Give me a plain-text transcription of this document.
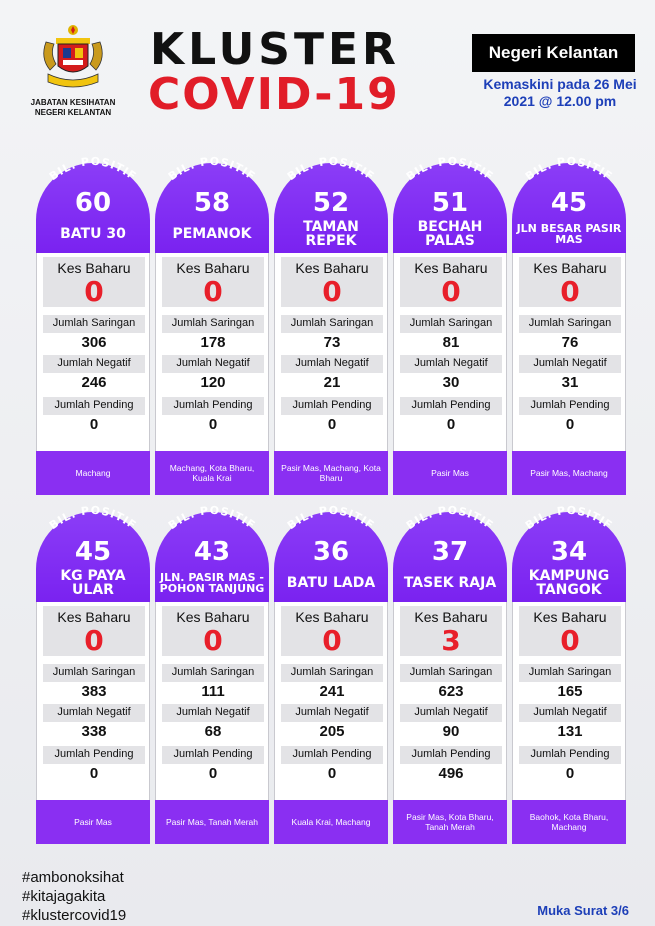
JABATAN KESIHATAN NEGERI KELANTAN
KLUSTER
COVID-19
Negeri Kelantan
Kemaskini pada 26 Mei 2021 @ 12.00 pm
BIL. POSITIF
60
BATU 30
Kes Baharu
0
Jumlah Saringan
306
Jumlah Negatif
246
Jumlah Pending
0
Machang
BIL. POSITIF
58
PEMANOK
Kes Baharu
0
Jumlah Saringan
178
Jumlah Negatif
120
Jumlah Pending
0
Machang, Kota Bharu, Kuala Krai
BIL. POSITIF
52
TAMAN REPEK
Kes Baharu
0
Jumlah Saringan
73
Jumlah Negatif
21
Jumlah Pending
0
Pasir Mas, Machang, Kota Bharu
BIL. POSITIF
51
BECHAH PALAS
Kes Baharu
0
Jumlah Saringan
81
Jumlah Negatif
30
Jumlah Pending
0
Pasir Mas
BIL. POSITIF
45
JLN BESAR PASIR MAS
Kes Baharu
0
Jumlah Saringan
76
Jumlah Negatif
31
Jumlah Pending
0
Pasir Mas, Machang
BIL. POSITIF
45
KG PAYA ULAR
Kes Baharu
0
Jumlah Saringan
383
Jumlah Negatif
338
Jumlah Pending
0
Pasir Mas
BIL. POSITIF
43
JLN. PASIR MAS - POHON TANJUNG
Kes Baharu
0
Jumlah Saringan
111
Jumlah Negatif
68
Jumlah Pending
0
Pasir Mas, Tanah Merah
BIL. POSITIF
36
BATU LADA
Kes Baharu
0
Jumlah Saringan
241
Jumlah Negatif
205
Jumlah Pending
0
Kuala Krai, Machang
BIL. POSITIF
37
TASEK RAJA
Kes Baharu
3
Jumlah Saringan
623
Jumlah Negatif
90
Jumlah Pending
496
Pasir Mas, Kota Bharu, Tanah Merah
BIL. POSITIF
34
KAMPUNG TANGOK
Kes Baharu
0
Jumlah Saringan
165
Jumlah Negatif
131
Jumlah Pending
0
Baohok, Kota Bharu, Machang
#ambonoksihat
#kitajagakita
#klustercovid19	Muka Surat 3/6
